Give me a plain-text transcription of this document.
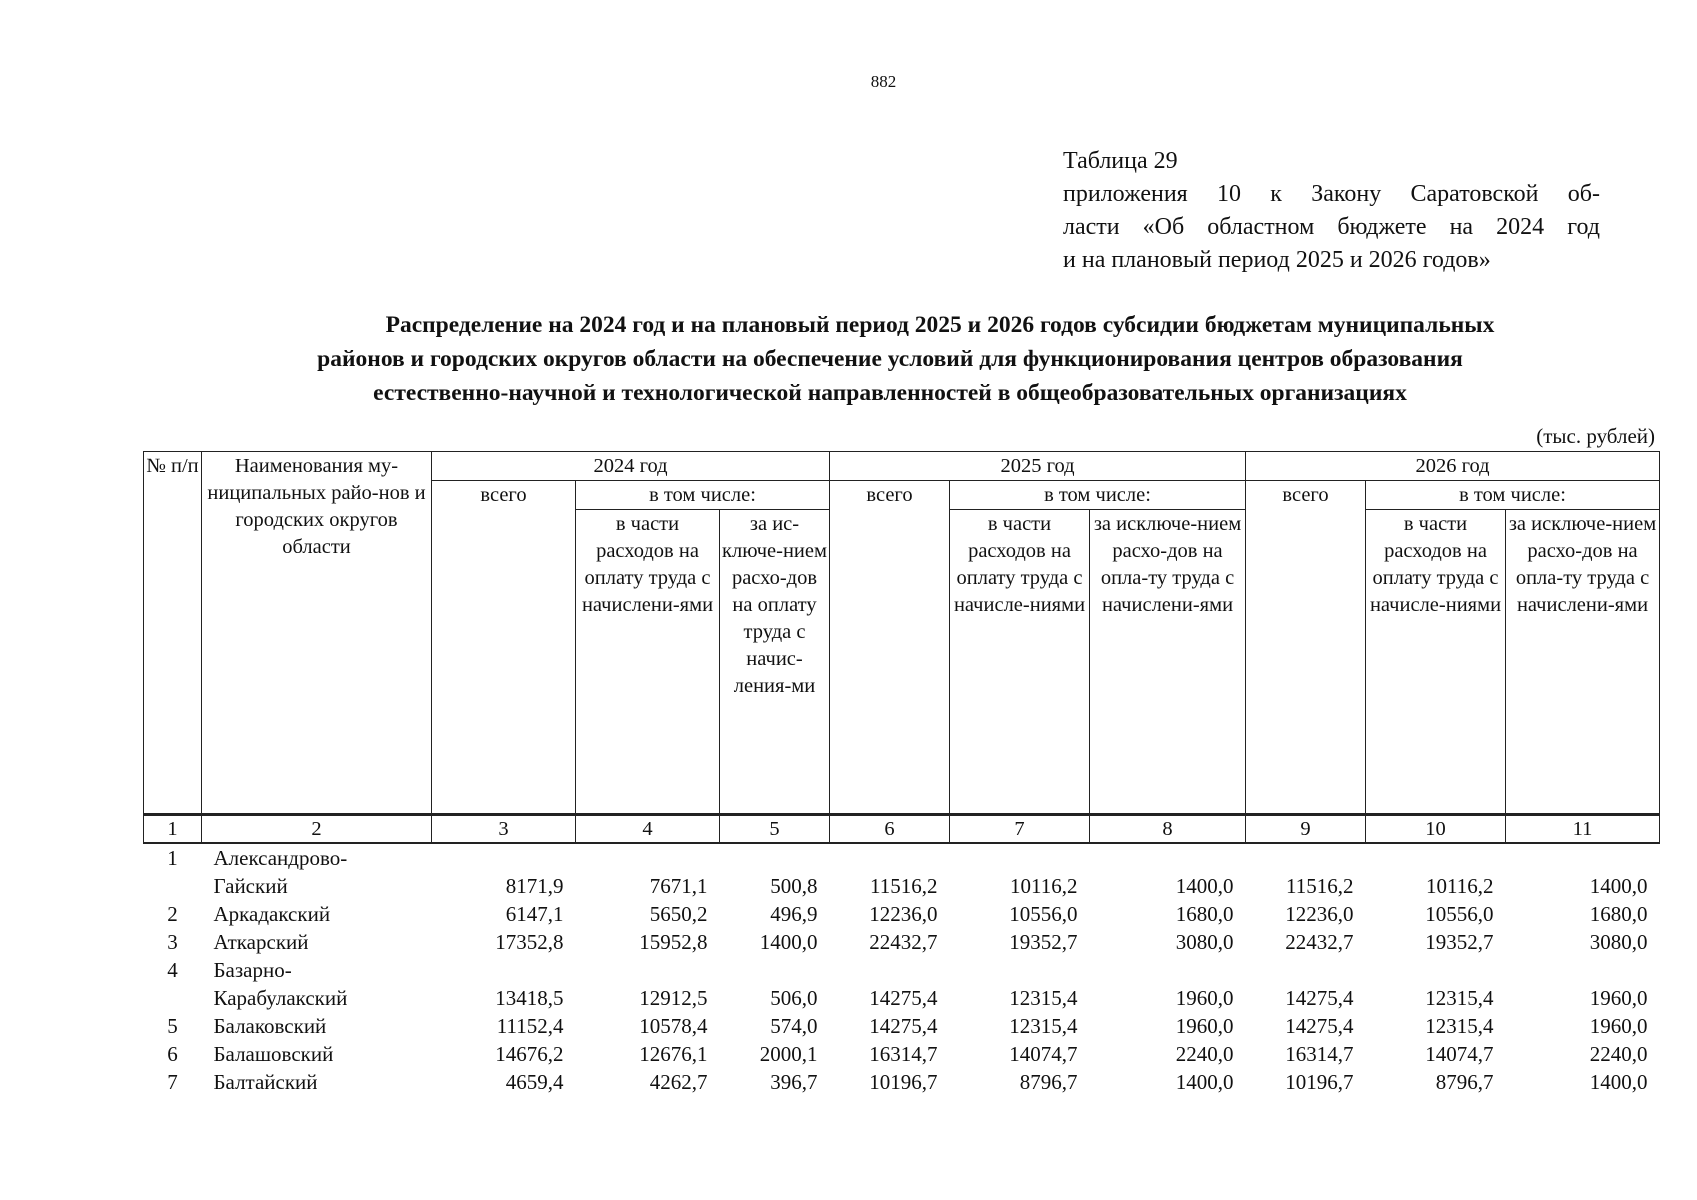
882
Таблица 29
приложения 10 к Закону Саратовской об-
ласти «Об областном бюджете на 2024 год
и на плановый период 2025 и 2026 годов»
Распределение на 2024 год и на плановый период 2025 и 2026 годов субсидии бюджетам муниципальных
районов и городских округов области на обеспечение условий для функционирования центров образования
естественно-научной и технологической направленностей в общеобразовательных организациях
(тыс. рублей)
№ п/п	Наименования му-ниципальных райо-нов и городских округов области	2024 год			2025 год			2026 год		
		всего	в том числе:		всего	в том числе:		всего	в том числе:	
			в части расходов на оплату труда с начислени-ями	за ис-ключе-нием расхо-дов на оплату труда с начис-ления-ми		в части расходов на оплату труда с начисле-ниями	за исключе-нием расхо-дов на опла-ту труда с начислени-ями		в части расходов на оплату труда с начисле-ниями	за исключе-нием расхо-дов на опла-ту труда с начислени-ями
1	2	3	4	5	6	7	8	9	10	11
1	Александрово-Гайский	8171,9	7671,1	500,8	11516,2	10116,2	1400,0	11516,2	10116,2	1400,0
2	Аркадакский	6147,1	5650,2	496,9	12236,0	10556,0	1680,0	12236,0	10556,0	1680,0
3	Аткарский	17352,8	15952,8	1400,0	22432,7	19352,7	3080,0	22432,7	19352,7	3080,0
4	Базарно-Карабулакский	13418,5	12912,5	506,0	14275,4	12315,4	1960,0	14275,4	12315,4	1960,0
5	Балаковский	11152,4	10578,4	574,0	14275,4	12315,4	1960,0	14275,4	12315,4	1960,0
6	Балашовский	14676,2	12676,1	2000,1	16314,7	14074,7	2240,0	16314,7	14074,7	2240,0
7	Балтайский	4659,4	4262,7	396,7	10196,7	8796,7	1400,0	10196,7	8796,7	1400,0
